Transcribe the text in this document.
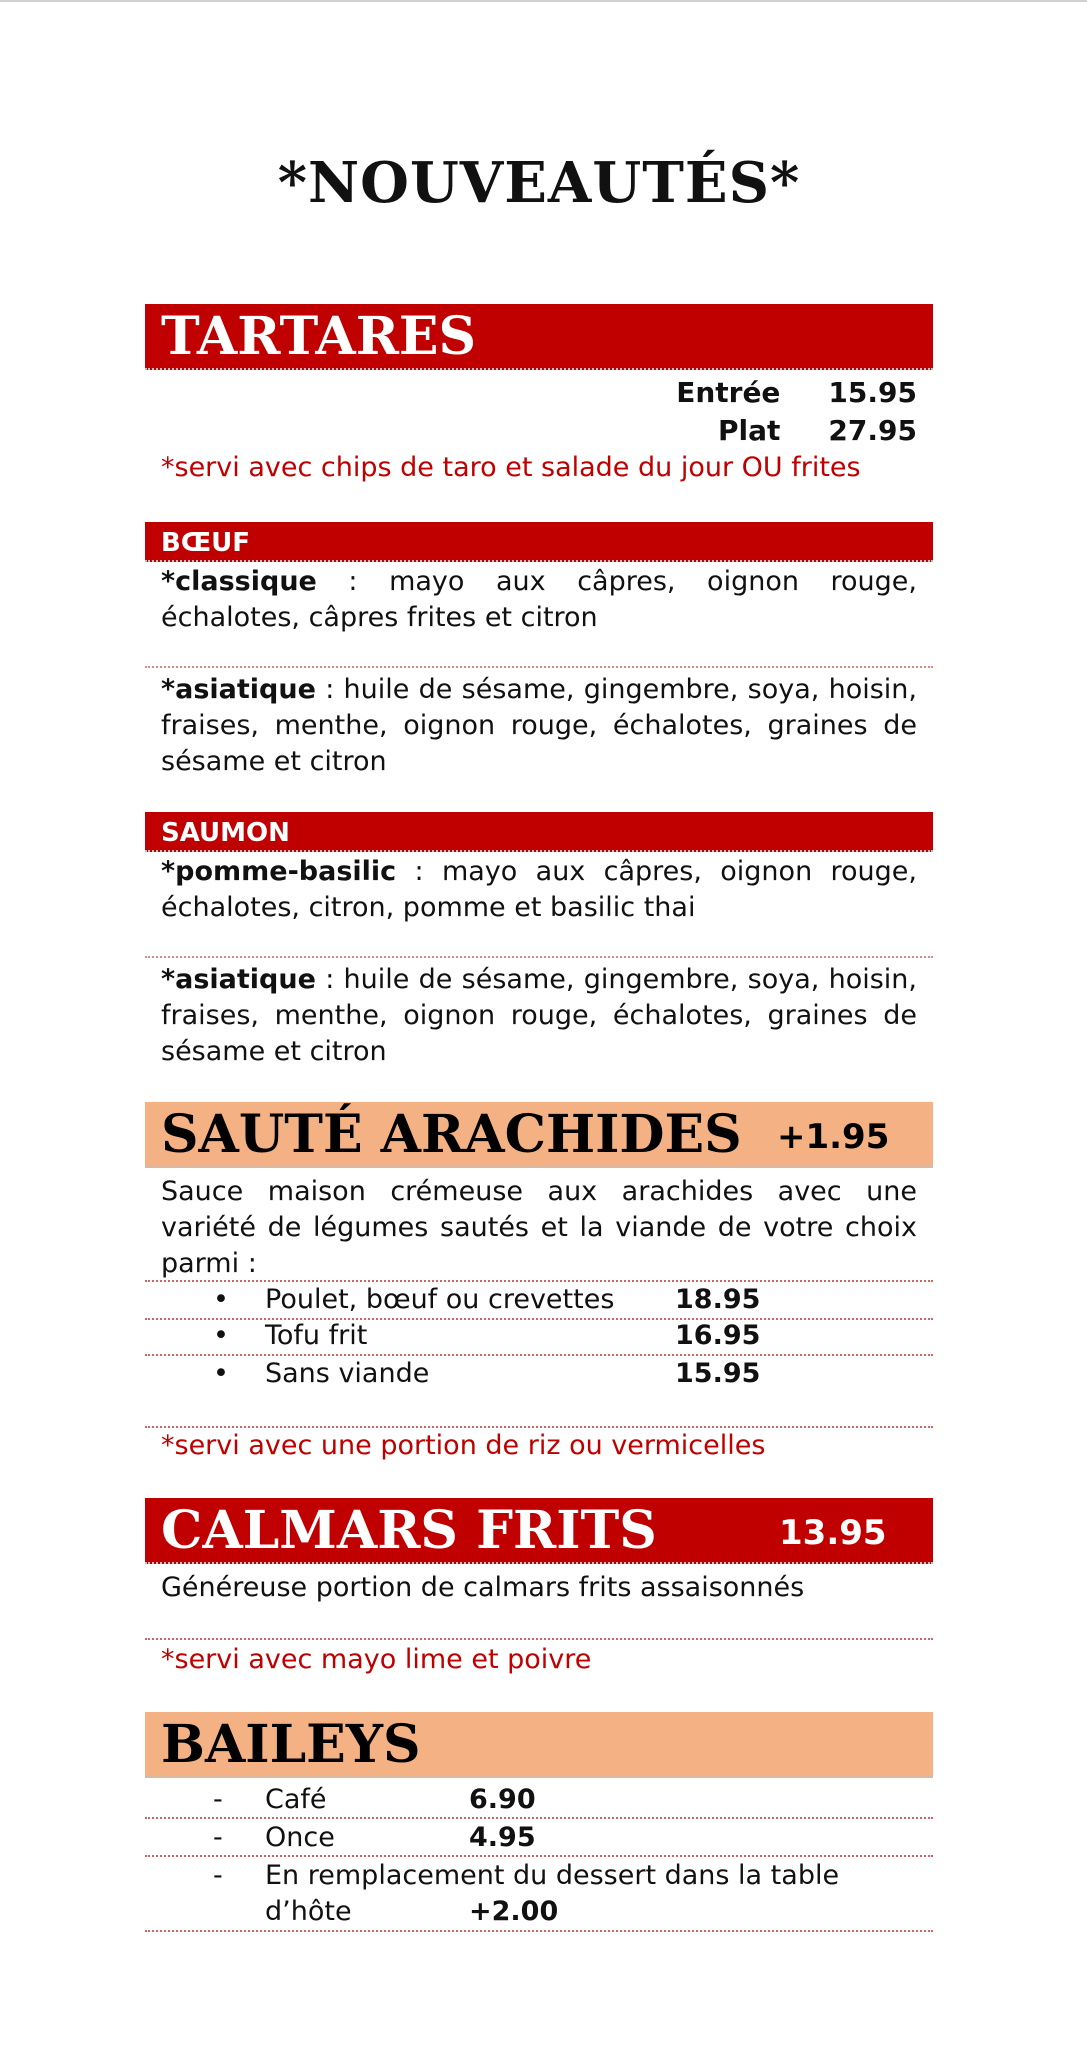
*NOUVEAUTÉS*
TARTARES
Entrée 15.95
Plat 27.95
*servi avec chips de taro et salade du jour OU frites
BŒUF
*classique : mayo aux câpres, oignon rouge, échalotes, câpres frites et citron
*asiatique : huile de sésame, gingembre, soya, hoisin, fraises, menthe, oignon rouge, échalotes, graines de sésame et citron
SAUMON
*pomme-basilic : mayo aux câpres, oignon rouge, échalotes, citron, pomme et basilic thai
*asiatique : huile de sésame, gingembre, soya, hoisin, fraises, menthe, oignon rouge, échalotes, graines de sésame et citron
SAUTÉ ARACHIDES +1.95
Sauce maison crémeuse aux arachides avec une variété de légumes sautés et la viande de votre choix parmi :
• Poulet, bœuf ou crevettes 18.95
• Tofu frit	16.95
• Sans viande	15.95
*servi avec une portion de riz ou vermicelles
CALMARS FRITS	13.95
Généreuse portion de calmars frits assaisonnés
*servi avec mayo lime et poivre
BAILEYS
- Café	6.90
- Once	4.95
- En remplacement du dessert dans la table
d’hôte	+2.00
